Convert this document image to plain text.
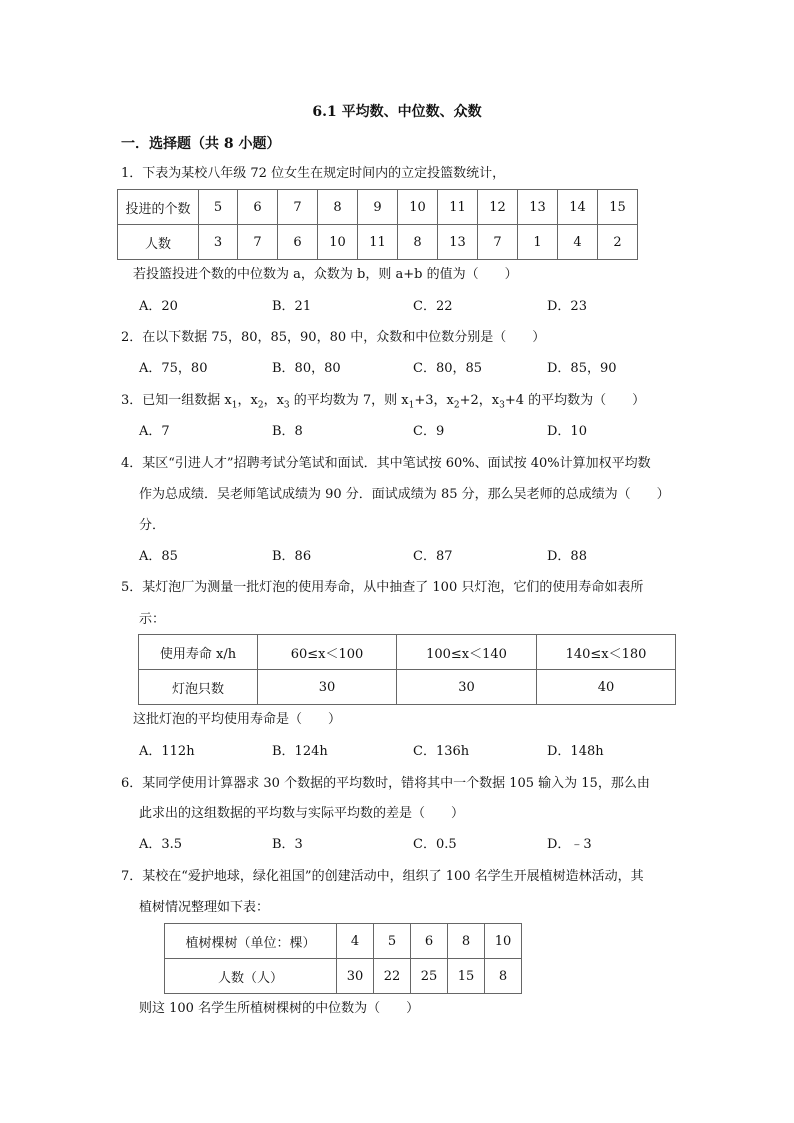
6.1 平均数、中位数、众数
一．选择题（共 8 小题）
1．下表为某校八年级 72 位女生在规定时间内的立定投篮数统计，
投进的个数	5	6	7	8	9	10	11	12	13	14	15
人数	3	7	6	10	11	8	13	7	1	4	2
若投篮投进个数的中位数为 a，众数为 b，则 a+b 的值为（　　）
A．20	B．21	C．22	D．23
2．在以下数据 75，80，85，90，80 中，众数和中位数分别是（　　）
A．75，80	B．80，80	C．80，85	D．85，90
3．已知一组数据 $x_1$，$x_2$，$x_3$ 的平均数为 7，则 $x_1+3$，$x_2+2$，$x_3+4$ 的平均数为（　　）
A．7	B．8	C．9	D．10
4．某区“引进人才”招聘考试分笔试和面试．其中笔试按 60%、面试按 40%计算加权平均数
作为总成绩．吴老师笔试成绩为 90 分．面试成绩为 85 分，那么吴老师的总成绩为（　　）
分．
A．85	B．86	C．87	D．88
5．某灯泡厂为测量一批灯泡的使用寿命，从中抽查了 100 只灯泡，它们的使用寿命如表所
示：
使用寿命 x/h	60≤x＜100	100≤x＜140	140≤x＜180
灯泡只数	30	30	40
这批灯泡的平均使用寿命是（　　）
A．112h	B．124h	C．136h	D．148h
6．某同学使用计算器求 30 个数据的平均数时，错将其中一个数据 105 输入为 15，那么由
此求出的这组数据的平均数与实际平均数的差是（　　）
A．3.5	B．3	C．0.5	D．﹣3
7．某校在“爱护地球，绿化祖国”的创建活动中，组织了 100 名学生开展植树造林活动，其
植树情况整理如下表：
植树棵树（单位：棵）	4	5	6	8	10
人数（人）	30	22	25	15	8
则这 100 名学生所植树棵树的中位数为（　　）
